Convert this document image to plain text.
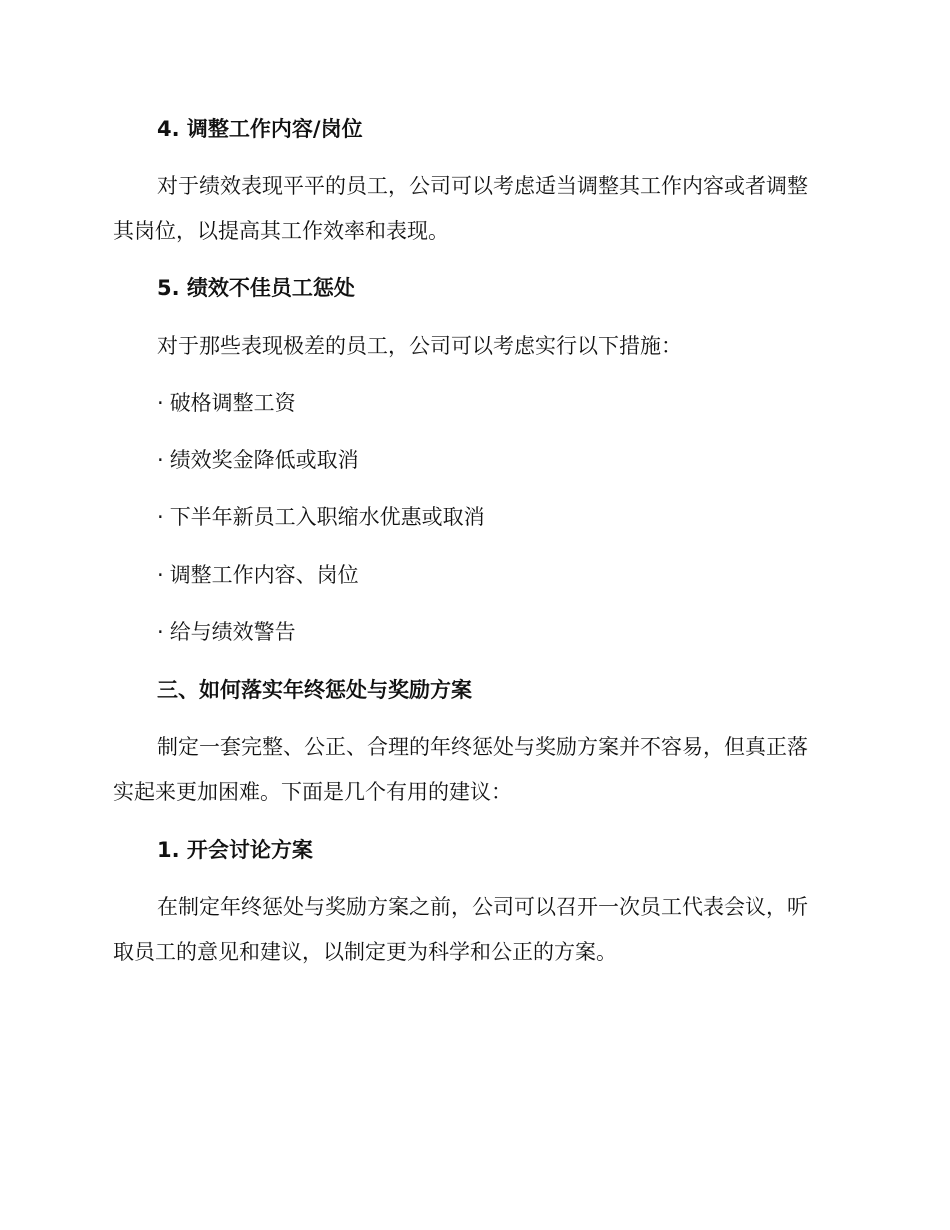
4. 调整工作内容/岗位
对于绩效表现平平的员工，公司可以考虑适当调整其工作内容或者调整
其岗位，以提高其工作效率和表现。
5. 绩效不佳员工惩处
对于那些表现极差的员工，公司可以考虑实行以下措施：
· 破格调整工资
· 绩效奖金降低或取消
· 下半年新员工入职缩水优惠或取消
· 调整工作内容、岗位
· 给与绩效警告
三、如何落实年终惩处与奖励方案
制定一套完整、公正、合理的年终惩处与奖励方案并不容易，但真正落
实起来更加困难。下面是几个有用的建议：
1. 开会讨论方案
在制定年终惩处与奖励方案之前，公司可以召开一次员工代表会议，听
取员工的意见和建议，以制定更为科学和公正的方案。
